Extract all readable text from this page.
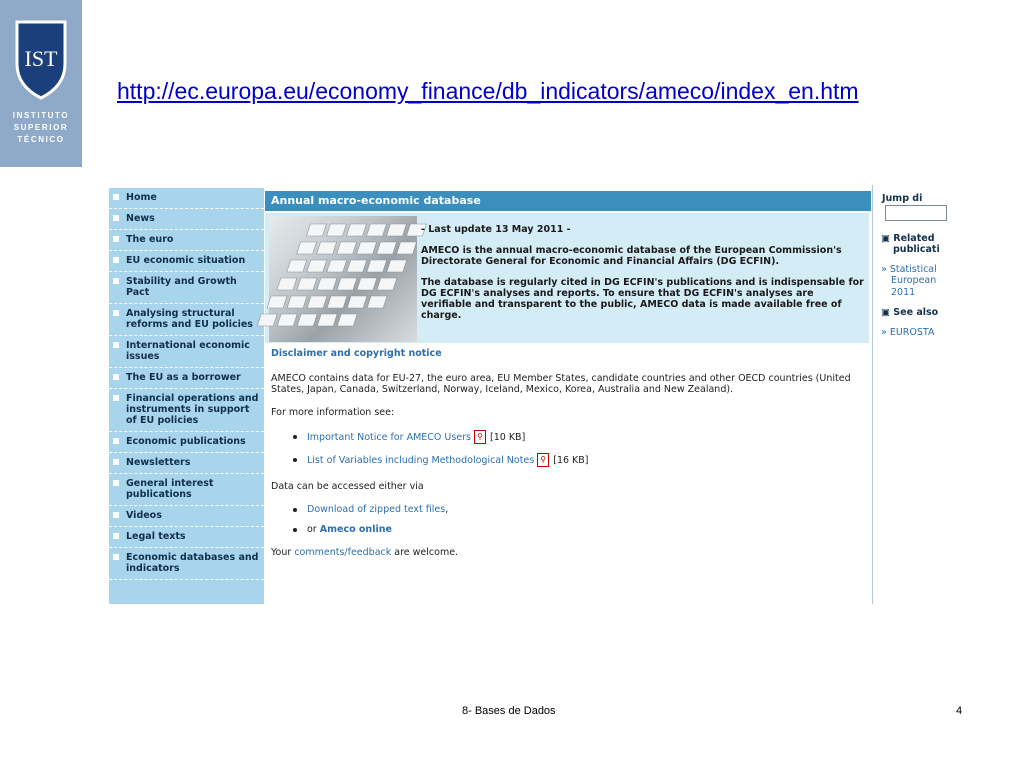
IST
INSTITUTO
SUPERIOR
TÉCNICO
http://ec.europa.eu/economy_finance/db_indicators/ameco/index_en.htm
Home
News
The euro
EU economic situation
Stability and Growth Pact
Analysing structural reforms and EU policies
International economic issues
The EU as a borrower
Financial operations and instruments in support of EU policies
Economic publications
Newsletters
General interest publications
Videos
Legal texts
Economic databases and indicators
Annual macro-economic database

- Last update 13 May 2011 -

AMECO is the annual macro-economic database of the European Commission's Directorate General for Economic and Financial Affairs (DG ECFIN).

The database is regularly cited in DG ECFIN's publications and is indispensable for DG ECFIN's analyses and reports. To ensure that DG ECFIN's analyses are verifiable and transparent to the public, AMECO data is made available free of charge.

Disclaimer and copyright notice

AMECO contains data for EU-27, the euro area, EU Member States, candidate countries and other OECD countries (United States, Japan, Canada, Switzerland, Norway, Iceland, Mexico, Korea, Australia and New Zealand).

For more information see:

Important Notice for AMECO Users ⚲ [10 KB]
List of Variables including Methodological Notes ⚲ [16 KB]

Data can be accessed either via

Download of zipped text files ,
or
Ameco online

Your comments/feedback are welcome.

Jump di
▣ Related
publicati
» Statistical
European
2011
▣ See also
» EUROSTA
8- Bases de Dados	4
